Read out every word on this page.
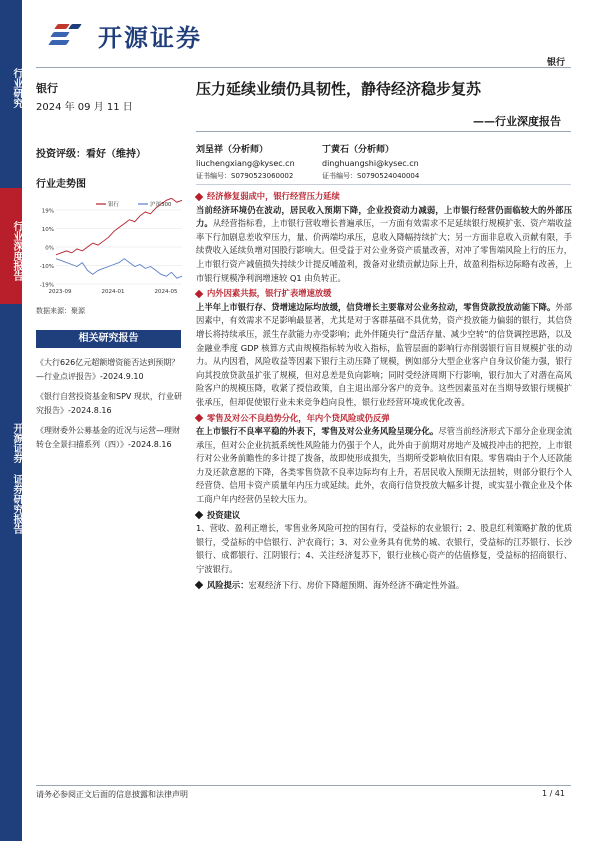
行业研究
行业深度报告
开源证券 证券研究报告
开源证券
银行
银行
2024 年 09 月 11 日
投资评级：看好（维持）
行业走势图
19%
10%
0%
-10%
-19%
2023-09	2024-01	2024-05
银行	沪深300
数据来源：聚源
相关研究报告
《大行626亿元超额增资能否达到预期？—行业点评报告》-2024.9.10
《银行自营投资基金和SPV 现状，行业研究报告》-2024.8.16
《理财委外公募基金的近况与运营—理财转仓全景扫描系列（四）》-2024.8.16
压力延续业绩仍具韧性，静待经济稳步复苏
——行业深度报告
刘呈祥（分析师）
liuchengxiang@kysec.cn
证书编号：S0790523060002
丁黄石（分析师）
dinghuangshi@kysec.cn
证书编号：S0790524040004
经济修复弱成中，银行经营压力延续

当前经济环境仍在波动，居民收入预期下降，企业投资动力减弱，上市银行经营仍面临较大的外部压力。从经营指标看，上市银行营收增长普遍承压，一方面有效需求不足延续银行规模扩张、资产端收益率下行加剧息差收窄压力，量、价两端均承压，息收入降幅持续扩大；另一方面非息收入贡献有限，手续费收入延续负增对国股行影响大。但受益于对公业务资产质量改善，对冲了零售端风险上行的压力，上市银行资产减值损失持续少计提反哺盈利，拨备对业绩贡献边际上升，故盈利指标边际略有改善，上市银行规模净利润增速较 Q1 由负转正。

内外因素共振，银行扩表增速放缓

上半年上市银行存、贷增速边际均放缓，信贷增长主要靠对公业务拉动，零售贷款投放动能下降。外部因素中，有效需求不足影响最显著，尤其是对于客群基础不具优势，资产投放能力偏弱的银行，其信贷增长将持续承压，派生存款能力亦受影响；此外伴随央行“盘活存量、减少空转”的信贷调控思路，以及金融业季度 GDP 核算方式由规模指标转为收入指标，监管层面的影响行亦削弱银行盲目规模扩张的动力。从内因看，风险收益等因素下银行主动压降了规模，例如部分大型企业客户自身议价能力强，银行向其投放贷款虽扩张了规模，但对息差是负向影响；同时受经济周期下行影响，银行加大了对潜在高风险客户的规模压降，收紧了授信政策，自主退出部分客户的竞争。这些因素虽对在当期导致银行规模扩张承压，但却促使银行业未来竞争趋向良性，银行业经营环境或优化改善。

零售及对公不良趋势分化，年内个贷风险或仍反弹

在上市银行不良率平稳的外表下，零售及对公业务风险呈现分化。尽管当前经济形式下部分企业现金流承压，但对公企业抗抵系统性风险能力仍强于个人，此外由于前期对房地产及城投冲击的把控，上市银行对公业务前瞻性的多计提了拨备，故即使形成损失，当期所受影响依旧有限。零售端由于个人还款能力及还款意愿的下降，各类零售贷款不良率边际均有上升，若居民收入预期无法扭转，则部分银行个人经营贷、信用卡资产质量年内压力或延续。此外，农商行信贷投放大幅多计提，或实显小微企业及个体工商户年内经营仍呈较大压力。

投资建议

1、营收、盈利正增长，零售业务风险可控的国有行，受益标的农业银行；2、股息红利策略扩散的优质银行，受益标的中信银行、沪农商行；3、对公业务具有优势的城、农银行，受益标的江苏银行、长沙银行、成都银行、江阴银行；4、关注经济复苏下，银行业核心资产的估值修复，受益标的招商银行、宁波银行。

风险提示： 宏观经济下行、房价下降超预期、海外经济不确定性外溢。
请务必参阅正文后面的信息披露和法律声明	1 / 41
